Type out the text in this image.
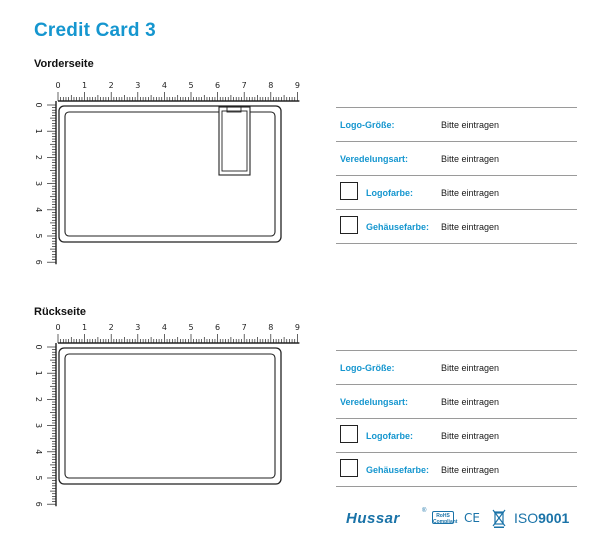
Credit Card 3
Vorderseite
0	1	2	3	4	5	6	7	8	9
0
1
2
3
4
5
6
Logo-Größe:	Bitte eintragen
Veredelungsart:	Bitte eintragen
Logofarbe:	Bitte eintragen
Gehäusefarbe: Bitte eintragen
Rückseite
0	1	2	3	4	5	6	7	8	9
0
1
2
3
4
5
6
Logo-Größe:	Bitte eintragen
Veredelungsart:	Bitte eintragen
Logofarbe:	Bitte eintragen
Gehäusefarbe: Bitte eintragen
Hussar	®
RoHS
Compliant CE ISO9001
